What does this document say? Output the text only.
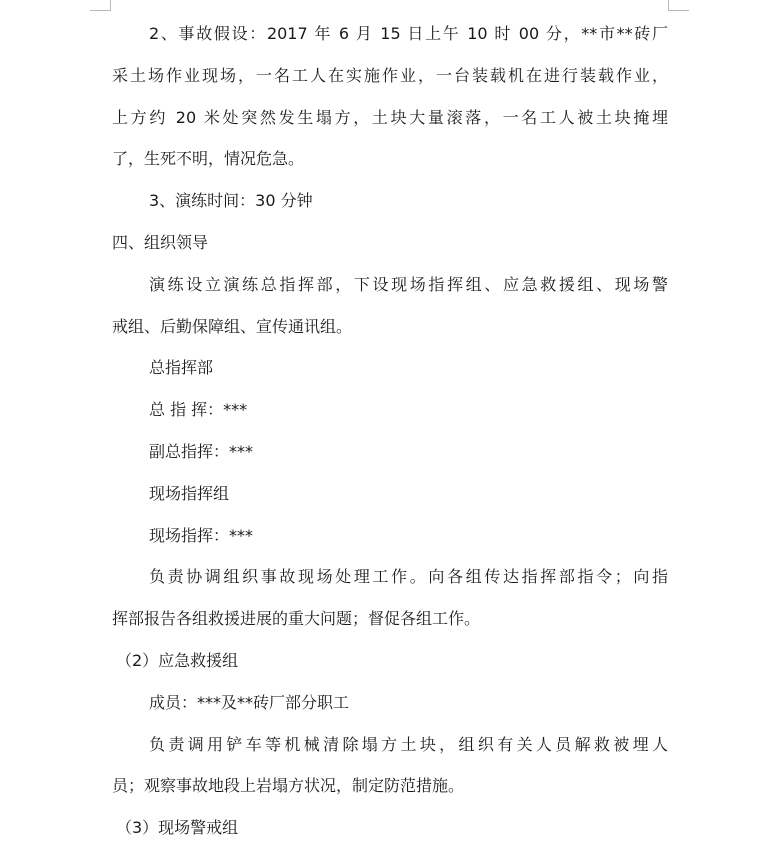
2、事故假设：2017 年 6 月 15 日上午 10 时 00 分，**市**砖厂
采土场作业现场，一名工人在实施作业，一台装载机在进行装载作业，
上方约 20 米处突然发生塌方，土块大量滚落，一名工人被土块掩埋
了，生死不明，情况危急。
3、演练时间：30 分钟
四、组织领导
演练设立演练总指挥部，下设现场指挥组、应急救援组、现场警
戒组、后勤保障组、宣传通讯组。
总指挥部
总 指 挥：***
副总指挥：***
现场指挥组
现场指挥：***
负责协调组织事故现场处理工作。向各组传达指挥部指令；向指
挥部报告各组救援进展的重大问题；督促各组工作。
（2）应急救援组
成员：***及**砖厂部分职工
负责调用铲车等机械清除塌方土块，组织有关人员解救被埋人
员；观察事故地段上岩塌方状况，制定防范措施。
（3）现场警戒组
